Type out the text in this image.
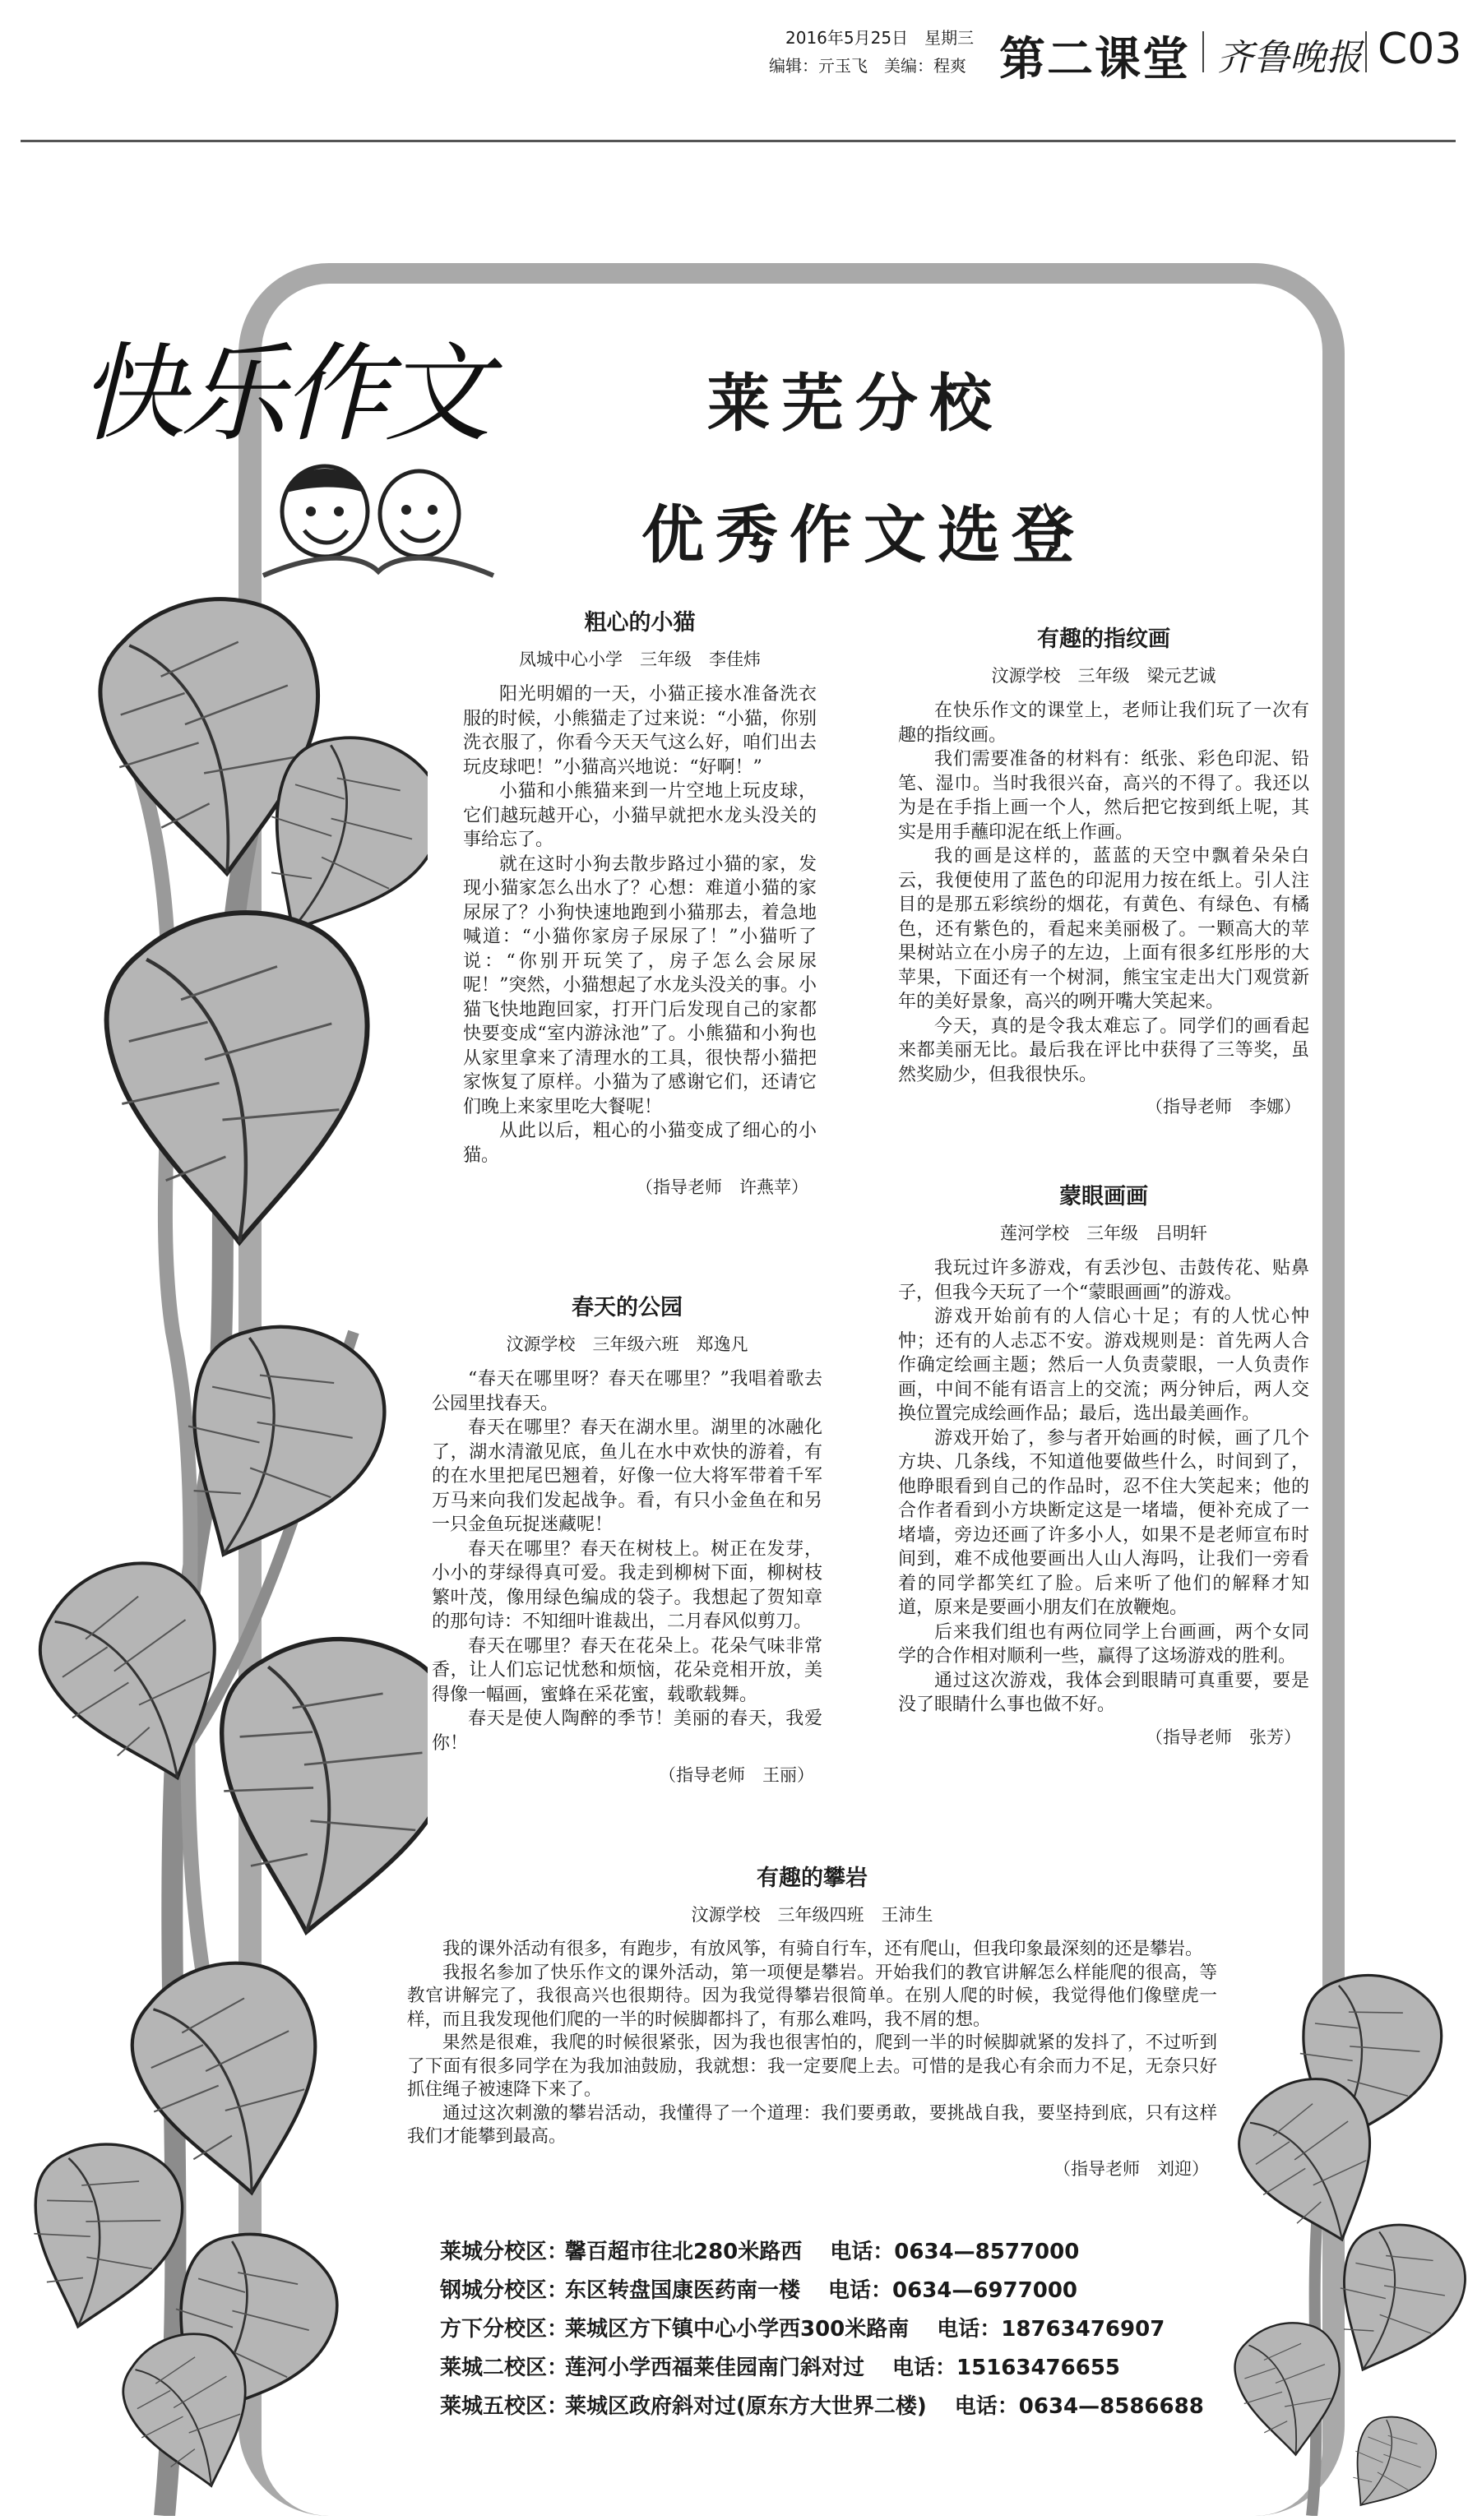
2016年5月25日　星期三
编辑：亓玉飞　美编：程爽 第二课堂 齐鲁晚报 C03
快乐作文	莱芜分校
优秀作文选登
粗心的小猫
凤城中心小学　三年级　李佳炜

阳光明媚的一天，小猫正接水准备洗衣服的时候，小熊猫走了过来说：“小猫，你别洗衣服了，你看今天天气这么好，咱们出去玩皮球吧！”小猫高兴地说：“好啊！”

小猫和小熊猫来到一片空地上玩皮球，它们越玩越开心，小猫早就把水龙头没关的事给忘了。

就在这时小狗去散步路过小猫的家，发现小猫家怎么出水了？心想：难道小猫的家尿尿了？小狗快速地跑到小猫那去，着急地喊道：“小猫你家房子尿尿了！”小猫听了说：“你别开玩笑了，房子怎么会尿尿呢！”突然，小猫想起了水龙头没关的事。小猫飞快地跑回家，打开门后发现自己的家都快要变成“室内游泳池”了。小熊猫和小狗也从家里拿来了清理水的工具，很快帮小猫把家恢复了原样。小猫为了感谢它们，还请它们晚上来家里吃大餐呢！

从此以后，粗心的小猫变成了细心的小猫。

（指导老师　许燕苹）
春天的公园
汶源学校　三年级六班　郑逸凡

“春天在哪里呀？春天在哪里？”我唱着歌去公园里找春天。

春天在哪里？春天在湖水里。湖里的冰融化了，湖水清澈见底，鱼儿在水中欢快的游着，有的在水里把尾巴翘着，好像一位大将军带着千军万马来向我们发起战争。看，有只小金鱼在和另一只金鱼玩捉迷藏呢！

春天在哪里？春天在树枝上。树正在发芽，小小的芽绿得真可爱。我走到柳树下面，柳树枝繁叶茂，像用绿色编成的袋子。我想起了贺知章的那句诗：不知细叶谁裁出，二月春风似剪刀。

春天在哪里？春天在花朵上。花朵气味非常香，让人们忘记忧愁和烦恼，花朵竞相开放，美得像一幅画，蜜蜂在采花蜜，载歌载舞。

春天是使人陶醉的季节！美丽的春天，我爱你！

（指导老师　王丽）
有趣的指纹画
汶源学校　三年级　梁元艺诚

在快乐作文的课堂上，老师让我们玩了一次有趣的指纹画。

我们需要准备的材料有：纸张、彩色印泥、铅笔、湿巾。当时我很兴奋，高兴的不得了。我还以为是在手指上画一个人，然后把它按到纸上呢，其实是用手蘸印泥在纸上作画。

我的画是这样的，蓝蓝的天空中飘着朵朵白云，我便使用了蓝色的印泥用力按在纸上。引人注目的是那五彩缤纷的烟花，有黄色、有绿色、有橘色，还有紫色的，看起来美丽极了。一颗高大的苹果树站立在小房子的左边，上面有很多红彤彤的大苹果，下面还有一个树洞，熊宝宝走出大门观赏新年的美好景象，高兴的咧开嘴大笑起来。

今天，真的是令我太难忘了。同学们的画看起来都美丽无比。最后我在评比中获得了三等奖，虽然奖励少，但我很快乐。

（指导老师　李娜）
蒙眼画画
莲河学校　三年级　吕明轩

我玩过许多游戏，有丢沙包、击鼓传花、贴鼻子，但我今天玩了一个“蒙眼画画”的游戏。

游戏开始前有的人信心十足；有的人忧心忡忡；还有的人忐忑不安。游戏规则是：首先两人合作确定绘画主题；然后一人负责蒙眼，一人负责作画，中间不能有语言上的交流；两分钟后，两人交换位置完成绘画作品；最后，选出最美画作。

游戏开始了，参与者开始画的时候，画了几个方块、几条线，不知道他要做些什么，时间到了，他睁眼看到自己的作品时，忍不住大笑起来；他的合作者看到小方块断定这是一堵墙，便补充成了一堵墙，旁边还画了许多小人，如果不是老师宣布时间到，难不成他要画出人山人海吗，让我们一旁看着的同学都笑红了脸。后来听了他们的解释才知道，原来是要画小朋友们在放鞭炮。

后来我们组也有两位同学上台画画，两个女同学的合作相对顺利一些，赢得了这场游戏的胜利。

通过这次游戏，我体会到眼睛可真重要，要是没了眼睛什么事也做不好。

（指导老师　张芳）
有趣的攀岩
汶源学校　三年级四班　王沛生

我的课外活动有很多，有跑步，有放风筝，有骑自行车，还有爬山，但我印象最深刻的还是攀岩。

我报名参加了快乐作文的课外活动，第一项便是攀岩。开始我们的教官讲解怎么样能爬的很高，等教官讲解完了，我很高兴也很期待。因为我觉得攀岩很简单。在别人爬的时候，我觉得他们像壁虎一样，而且我发现他们爬的一半的时候脚都抖了，有那么难吗，我不屑的想。

果然是很难，我爬的时候很紧张，因为我也很害怕的，爬到一半的时候脚就紧的发抖了，不过听到了下面有很多同学在为我加油鼓励，我就想：我一定要爬上去。可惜的是我心有余而力不足，无奈只好抓住绳子被速降下来了。

通过这次刺激的攀岩活动，我懂得了一个道理：我们要勇敢，要挑战自我，要坚持到底，只有这样我们才能攀到最高。

（指导老师　刘迎）
莱城分校区：馨百超市往北280米路西 电话：0634—8577000
钢城分校区：东区转盘国康医药南一楼 电话：0634—6977000
方下分校区：莱城区方下镇中心小学西300米路南 电话：18763476907
莱城二校区：莲河小学西福莱佳园南门斜对过 电话：15163476655
莱城五校区：莱城区政府斜对过(原东方大世界二楼) 电话：0634—8586688
